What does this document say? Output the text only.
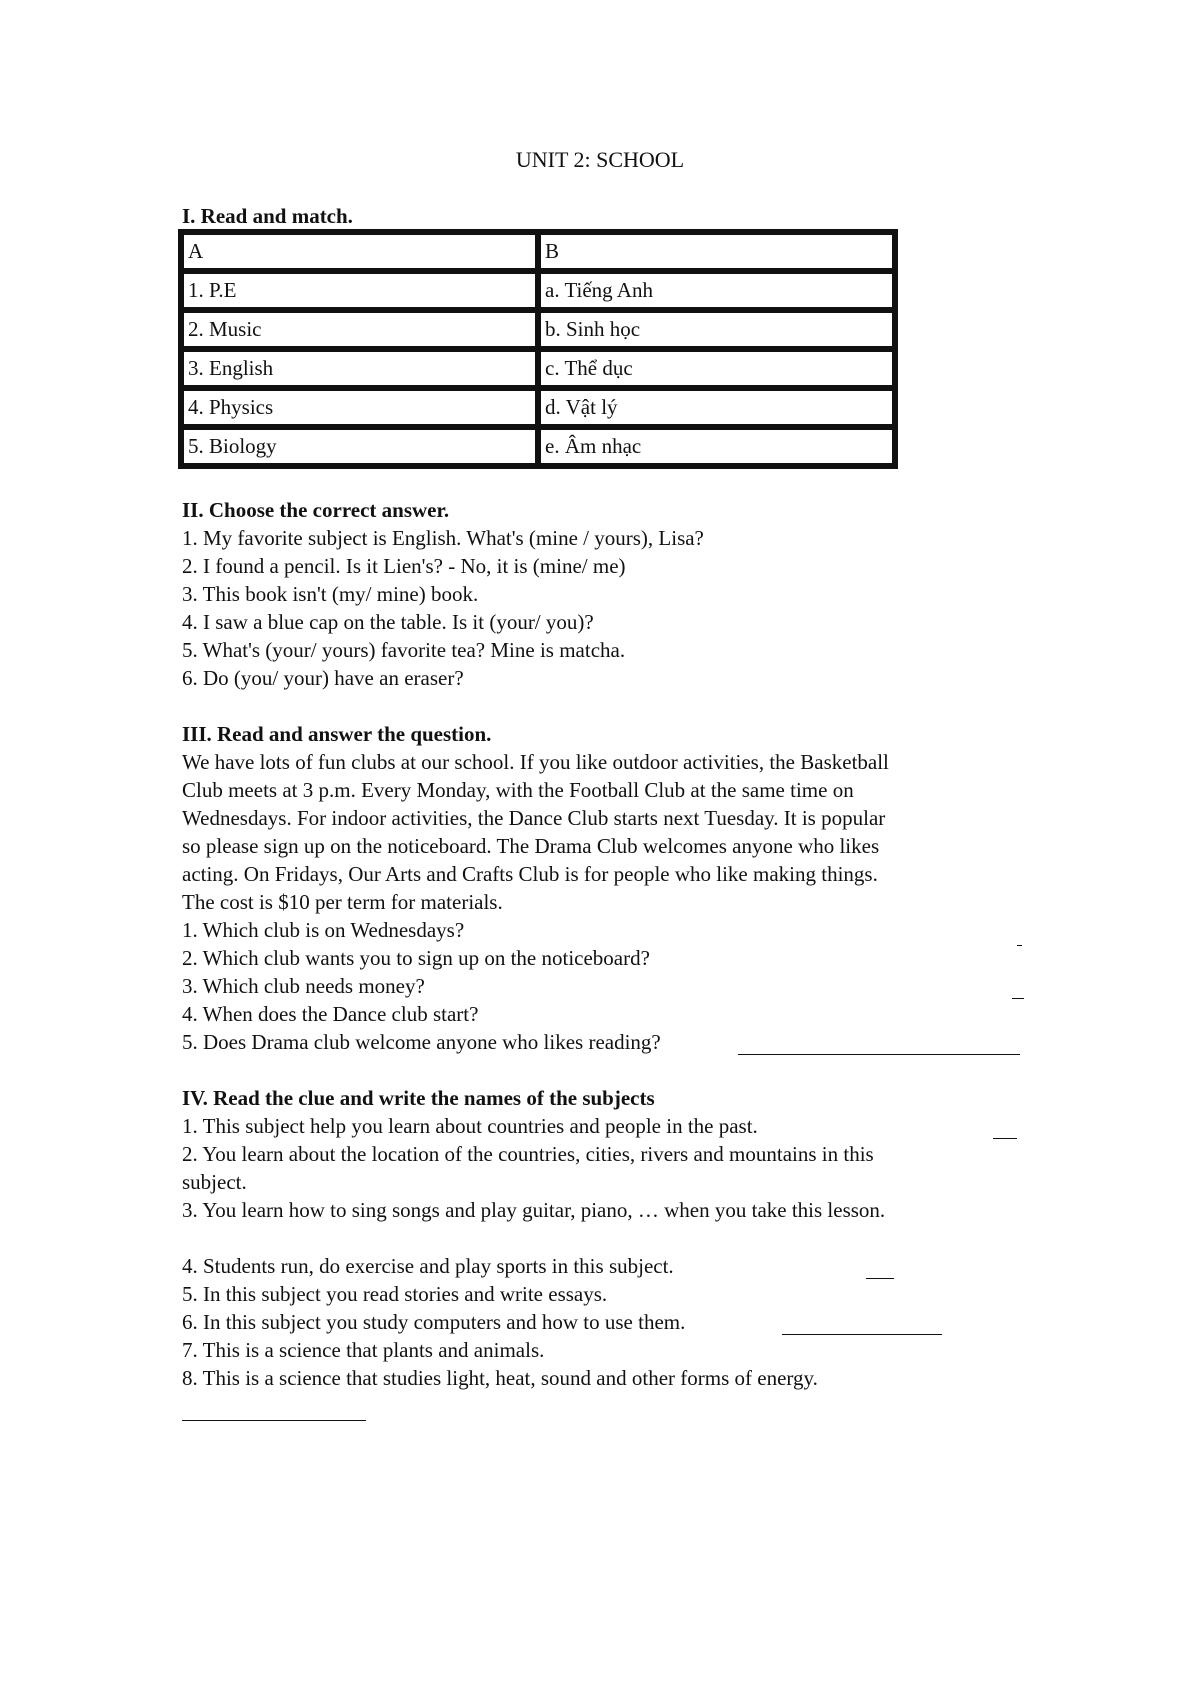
UNIT 2: SCHOOL
I. Read and match.
A	B
1. P.E	a. Tiếng Anh
2. Music	b. Sinh học
3. English	c. Thể dục
4. Physics	d. Vật lý
5. Biology	e. Âm nhạc
II. Choose the correct answer.
1. My favorite subject is English. What's (mine / yours), Lisa?
2. I found a pencil. Is it Lien's? - No, it is (mine/ me)
3. This book isn't (my/ mine) book.
4. I saw a blue cap on the table. Is it (your/ you)?
5. What's (your/ yours) favorite tea? Mine is matcha.
6. Do (you/ your) have an eraser?
III. Read and answer the question.
We have lots of fun clubs at our school. If you like outdoor activities, the Basketball
Club meets at 3 p.m. Every Monday, with the Football Club at the same time on
Wednesdays. For indoor activities, the Dance Club starts next Tuesday. It is popular
so please sign up on the noticeboard. The Drama Club welcomes anyone who likes
acting. On Fridays, Our Arts and Crafts Club is for people who like making things.
The cost is $10 per term for materials.
1. Which club is on Wednesdays?
2. Which club wants you to sign up on the noticeboard?
3. Which club needs money?
4. When does the Dance club start?
5. Does Drama club welcome anyone who likes reading?
IV. Read the clue and write the names of the subjects
1. This subject help you learn about countries and people in the past.
2. You learn about the location of the countries, cities, rivers and mountains in this
subject.
3. You learn how to sing songs and play guitar, piano, … when you take this lesson.
4. Students run, do exercise and play sports in this subject.
5. In this subject you read stories and write essays.
6. In this subject you study computers and how to use them.
7. This is a science that plants and animals.
8. This is a science that studies light, heat, sound and other forms of energy.
